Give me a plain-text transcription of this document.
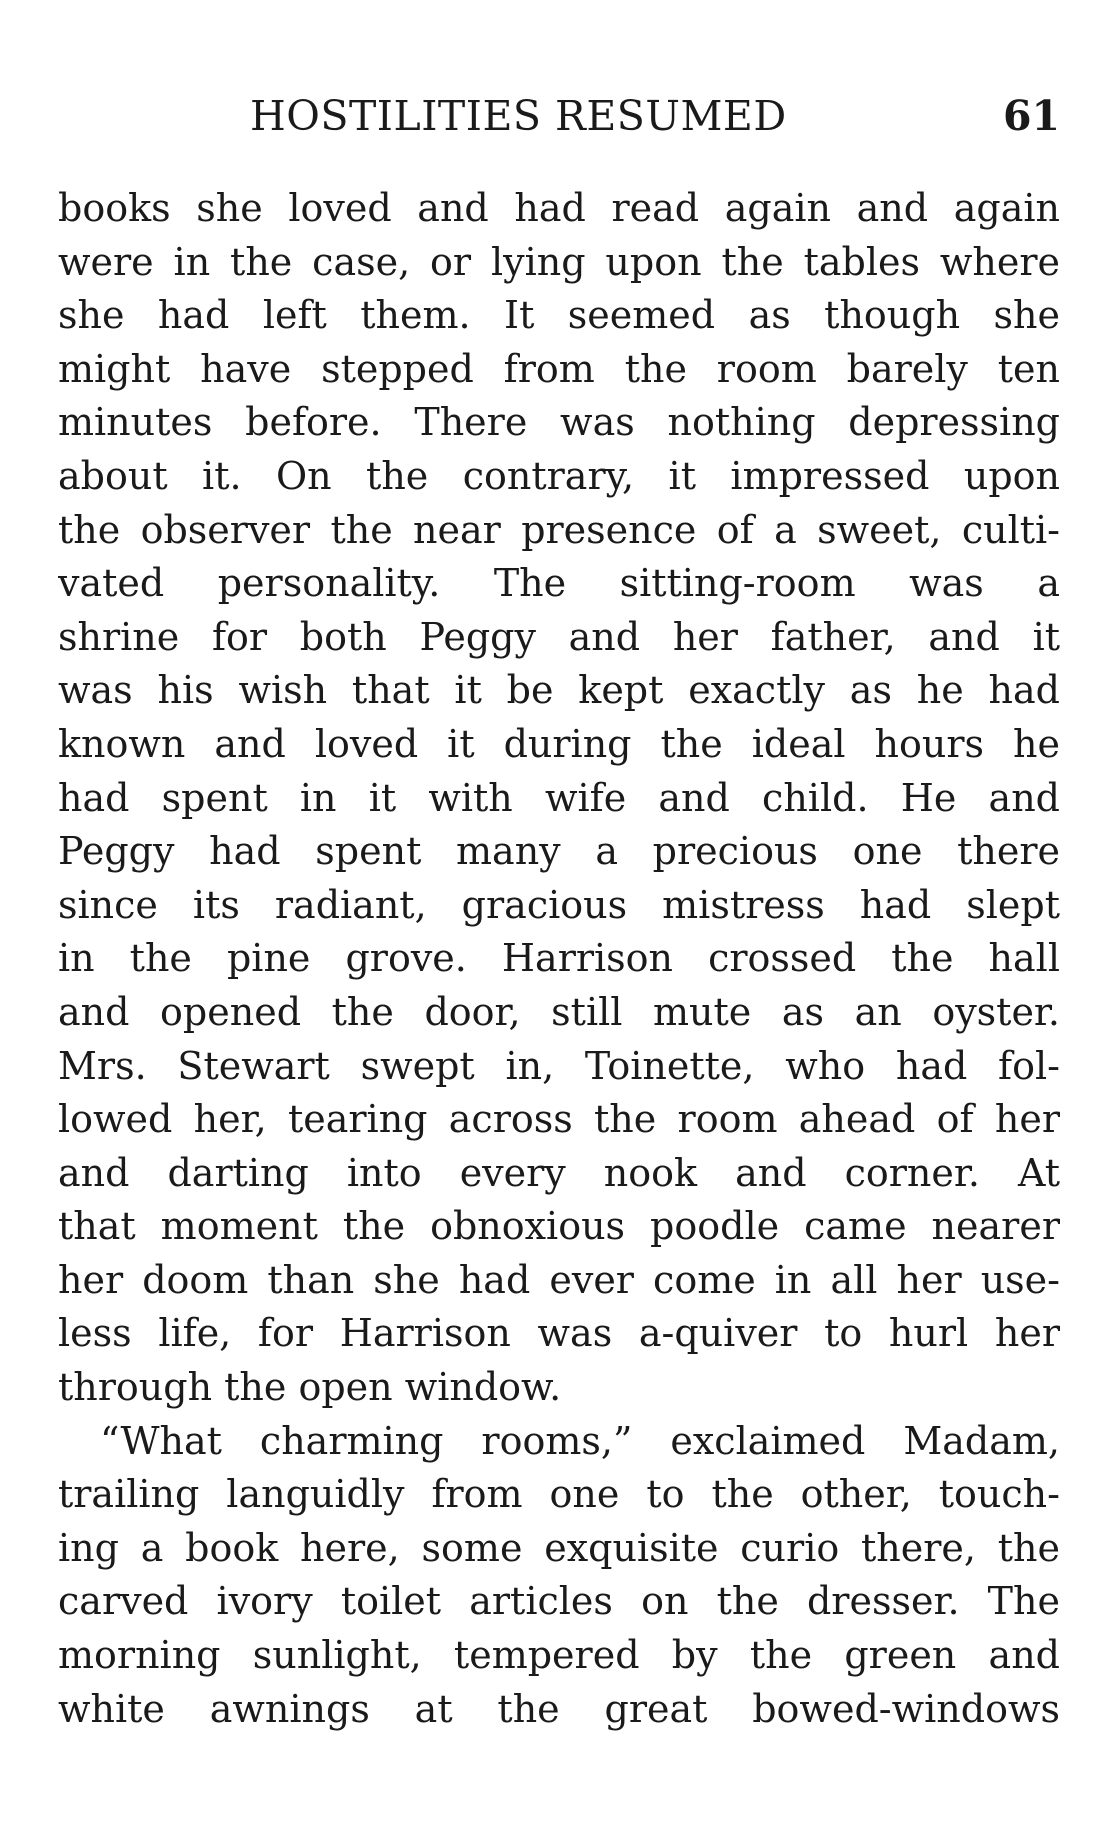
HOSTILITIES RESUMED	61
books she loved and had read again and again
were in the case, or lying upon the tables where
she had left them. It seemed as though she
might have stepped from the room barely ten
minutes before. There was nothing depressing
about it. On the contrary, it impressed upon
the observer the near presence of a sweet, culti-
vated personality. The sitting-room was a
shrine for both Peggy and her father, and it
was his wish that it be kept exactly as he had
known and loved it during the ideal hours he
had spent in it with wife and child. He and
Peggy had spent many a precious one there
since its radiant, gracious mistress had slept
in the pine grove. Harrison crossed the hall
and opened the door, still mute as an oyster.
Mrs. Stewart swept in, Toinette, who had fol-
lowed her, tearing across the room ahead of her
and darting into every nook and corner. At
that moment the obnoxious poodle came nearer
her doom than she had ever come in all her use-
less life, for Harrison was a-quiver to hurl her
through the open window.
“What charming rooms,” exclaimed Madam,
trailing languidly from one to the other, touch-
ing a book here, some exquisite curio there, the
carved ivory toilet articles on the dresser. The
morning sunlight, tempered by the green and
white awnings at the great bowed-windows
